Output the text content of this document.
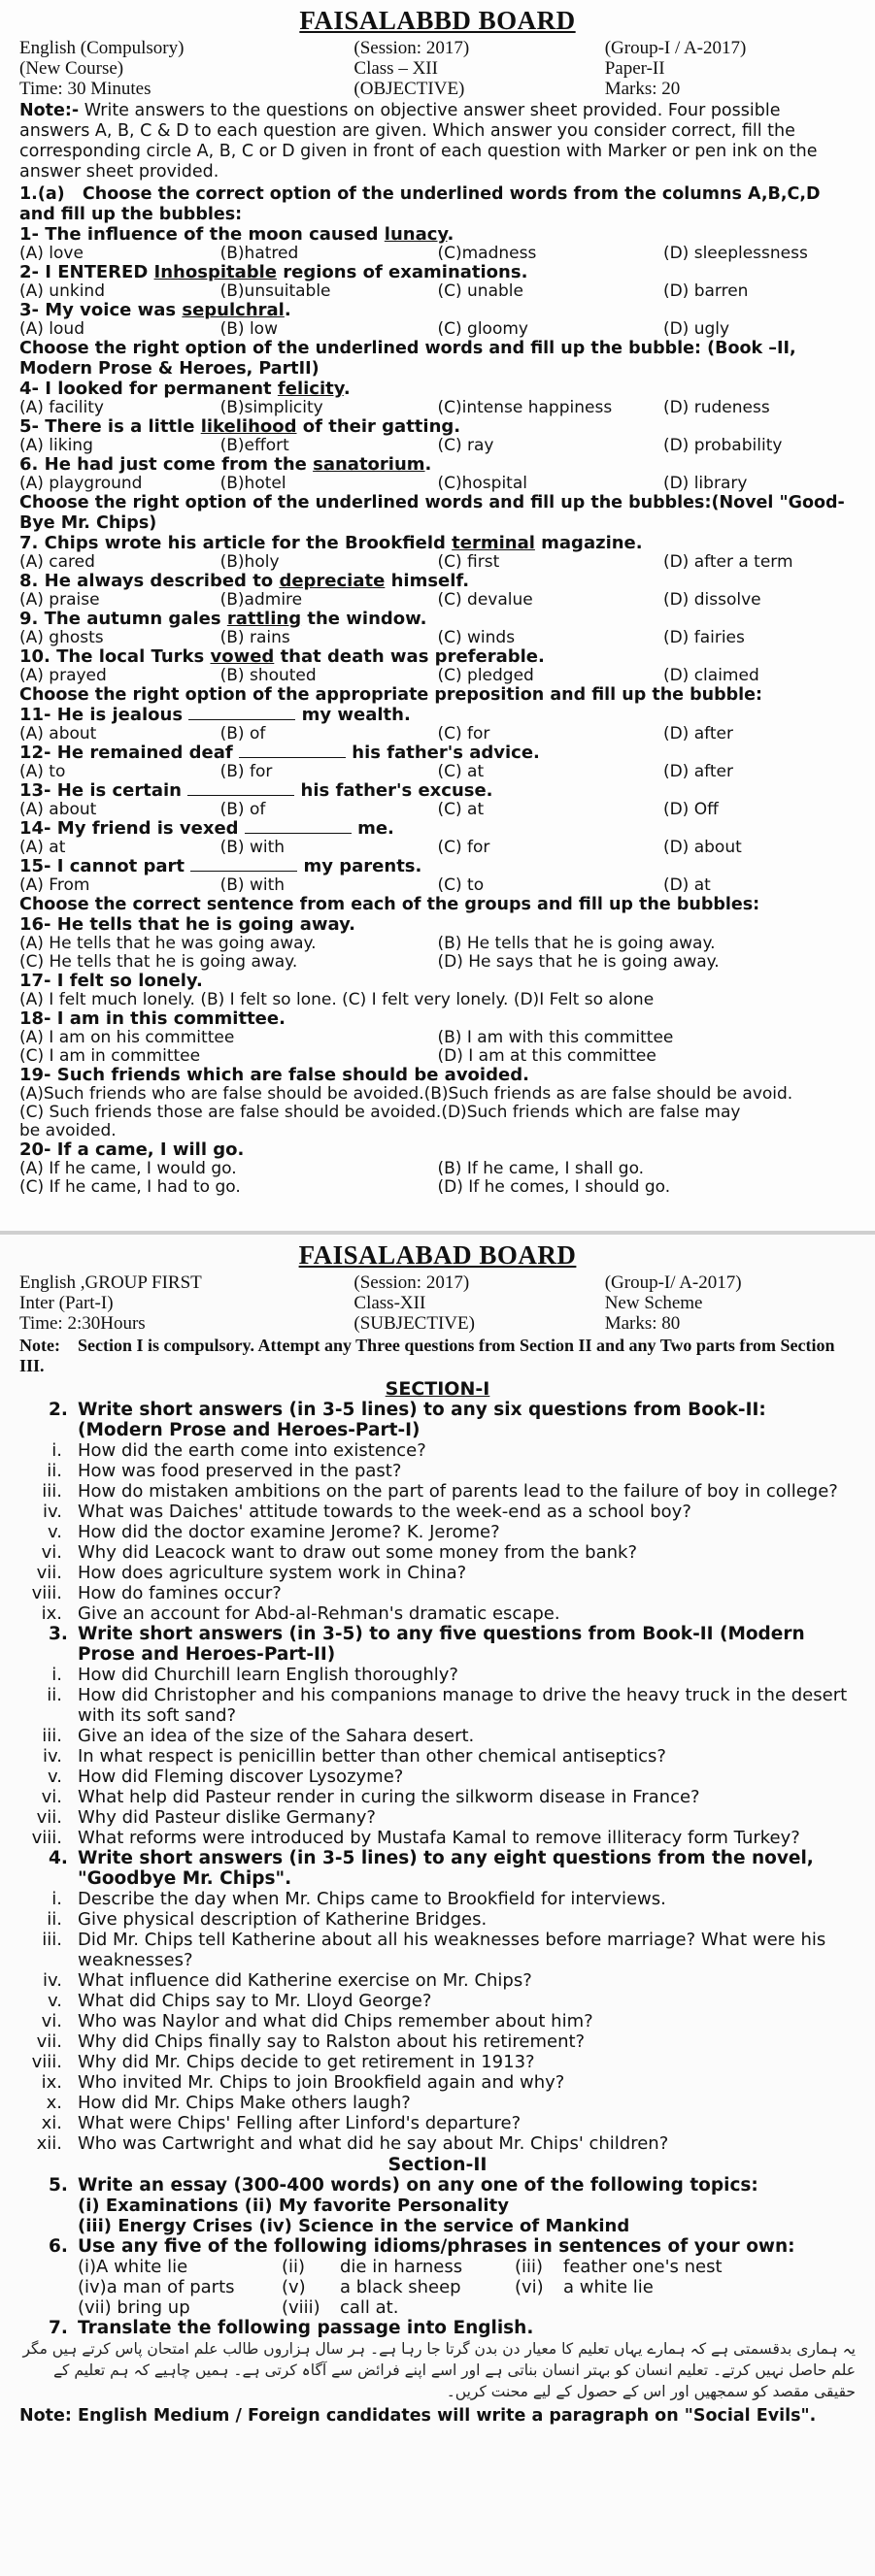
FAISALABBD BOARD
English (Compulsory)	(Session: 2017)	(Group-I / A-2017)
(New Course)	Class – XII	Paper-II
Time: 30 Minutes	(OBJECTIVE)	Marks: 20
Note:- Write answers to the questions on objective answer sheet provided. Four possible answers A, B, C & D to each question are given. Which answer you consider correct, fill the corresponding circle A, B, C or D given in front of each question with Marker or pen ink on the answer sheet provided.
1.(a) Choose the correct option of the underlined words from the columns A,B,C,D and fill up the bubbles:
1- The influence of the moon caused lunacy.
(A) love	(B)hatred	(C)madness	(D) sleeplessness
2- I ENTERED Inhospitable regions of examinations.
(A) unkind	(B)unsuitable	(C) unable	(D) barren
3- My voice was sepulchral.
(A) loud	(B) low	(C) gloomy	(D) ugly
Choose the right option of the underlined words and fill up the bubble: (Book –II, Modern Prose & Heroes, PartII)
4- I looked for permanent felicity.
(A) facility	(B)simplicity	(C)intense happiness	(D) rudeness
5- There is a little likelihood of their gatting.
(A) liking	(B)effort	(C) ray	(D) probability
6. He had just come from the sanatorium.
(A) playground	(B)hotel	(C)hospital	(D) library
Choose the right option of the underlined words and fill up the bubbles:(Novel "Good-Bye Mr. Chips)
7. Chips wrote his article for the Brookfield terminal magazine.
(A) cared	(B)holy	(C) first	(D) after a term
8. He always described to depreciate himself.
(A) praise	(B)admire	(C) devalue	(D) dissolve
9. The autumn gales rattling the window.
(A) ghosts	(B) rains	(C) winds	(D) fairies
10. The local Turks vowed that death was preferable.
(A) prayed	(B) shouted	(C) pledged	(D) claimed
Choose the right option of the appropriate preposition and fill up the bubble:
11- He is jealous	my wealth.
(A) about	(B) of	(C) for	(D) after
12- He remained deaf	his father's advice.
(A) to	(B) for	(C) at	(D) after
13- He is certain	his father's excuse.
(A) about	(B) of	(C) at	(D) Off
14- My friend is vexed	me.
(A) at	(B) with	(C) for	(D) about
15- I cannot part	my parents.
(A) From	(B) with	(C) to	(D) at
Choose the correct sentence from each of the groups and fill up the bubbles:
16- He tells that he is going away.
(A) He tells that he was going away.	(B) He tells that he is going away.
(C) He tells that he is going away.	(D) He says that he is going away.
17- I felt so lonely.
(A) I felt much lonely. (B) I felt so lone. (C) I felt very lonely. (D)I Felt so alone
18- I am in this committee.
(A) I am on his committee	(B) I am with this committee
(C) I am in committee	(D) I am at this committee
19- Such friends which are false should be avoided.
(A)Such friends who are false should be avoided.(B)Such friends as are false should be avoid.
(C) Such friends those are false should be avoided.(D)Such friends which are false may
be avoided.
20- If a came, I will go.
(A) If he came, I would go.	(B) If he came, I shall go.
(C) If he came, I had to go.	(D) If he comes, I should go.
FAISALABAD BOARD
English ,GROUP FIRST	(Session: 2017)	(Group-I/ A-2017)
Inter (Part-I)	Class-XII	New Scheme
Time: 2:30Hours	(SUBJECTIVE)	Marks: 80
Note: Section I is compulsory. Attempt any Three questions from Section II and any Two parts from Section III.
SECTION-I
2. Write short answers (in 3-5 lines) to any six questions from Book-II: (Modern Prose and Heroes-Part-I)
i. How did the earth come into existence?
ii. How was food preserved in the past?
iii. How do mistaken ambitions on the part of parents lead to the failure of boy in college?
iv. What was Daiches' attitude towards to the week-end as a school boy?
v. How did the doctor examine Jerome? K. Jerome?
vi. Why did Leacock want to draw out some money from the bank?
vii. How does agriculture system work in China?
viii. How do famines occur?
ix. Give an account for Abd-al-Rehman's dramatic escape.
3. Write short answers (in 3-5) to any five questions from Book-II (Modern Prose and Heroes-Part-II)
i. How did Churchill learn English thoroughly?
ii. How did Christopher and his companions manage to drive the heavy truck in the desert with its soft sand?
iii. Give an idea of the size of the Sahara desert.
iv. In what respect is penicillin better than other chemical antiseptics?
v. How did Fleming discover Lysozyme?
vi. What help did Pasteur render in curing the silkworm disease in France?
vii. Why did Pasteur dislike Germany?
viii. What reforms were introduced by Mustafa Kamal to remove illiteracy form Turkey?
4. Write short answers (in 3-5 lines) to any eight questions from the novel, "Goodbye Mr. Chips".
i. Describe the day when Mr. Chips came to Brookfield for interviews.
ii. Give physical description of Katherine Bridges.
iii. Did Mr. Chips tell Katherine about all his weaknesses before marriage? What were his weaknesses?
iv. What influence did Katherine exercise on Mr. Chips?
v. What did Chips say to Mr. Lloyd George?
vi. Who was Naylor and what did Chips remember about him?
vii. Why did Chips finally say to Ralston about his retirement?
viii. Why did Mr. Chips decide to get retirement in 1913?
ix. Who invited Mr. Chips to join Brookfield again and why?
x. How did Mr. Chips Make others laugh?
xi. What were Chips' Felling after Linford's departure?
xii. Who was Cartwright and what did he say about Mr. Chips' children?
Section-II
5. Write an essay (300-400 words) on any one of the following topics:
(i) Examinations (ii) My favorite Personality
(iii) Energy Crises (iv) Science in the service of Mankind
6. Use any five of the following idioms/phrases in sentences of your own:
(i)A white lie	(ii)	die in harness	(iii)	feather one's nest
(iv)a man of parts	(v)	a black sheep	(vi)	a white lie
(vii) bring up	(viii)	call at.
7. Translate the following passage into English.
یہ ہماری بدقسمتی ہے کہ ہمارے یہاں تعلیم کا معیار دن بدن گرتا جا رہا ہے۔ ہر سال ہزاروں طالب علم امتحان پاس کرتے ہیں مگر علم حاصل نہیں کرتے۔ تعلیم انسان کو بہتر انسان بناتی ہے اور اسے اپنے فرائض سے آگاہ کرتی ہے۔ ہمیں چاہیے کہ ہم تعلیم کے حقیقی مقصد کو سمجھیں اور اس کے حصول کے لیے محنت کریں۔
Note: English Medium / Foreign candidates will write a paragraph on "Social Evils".
